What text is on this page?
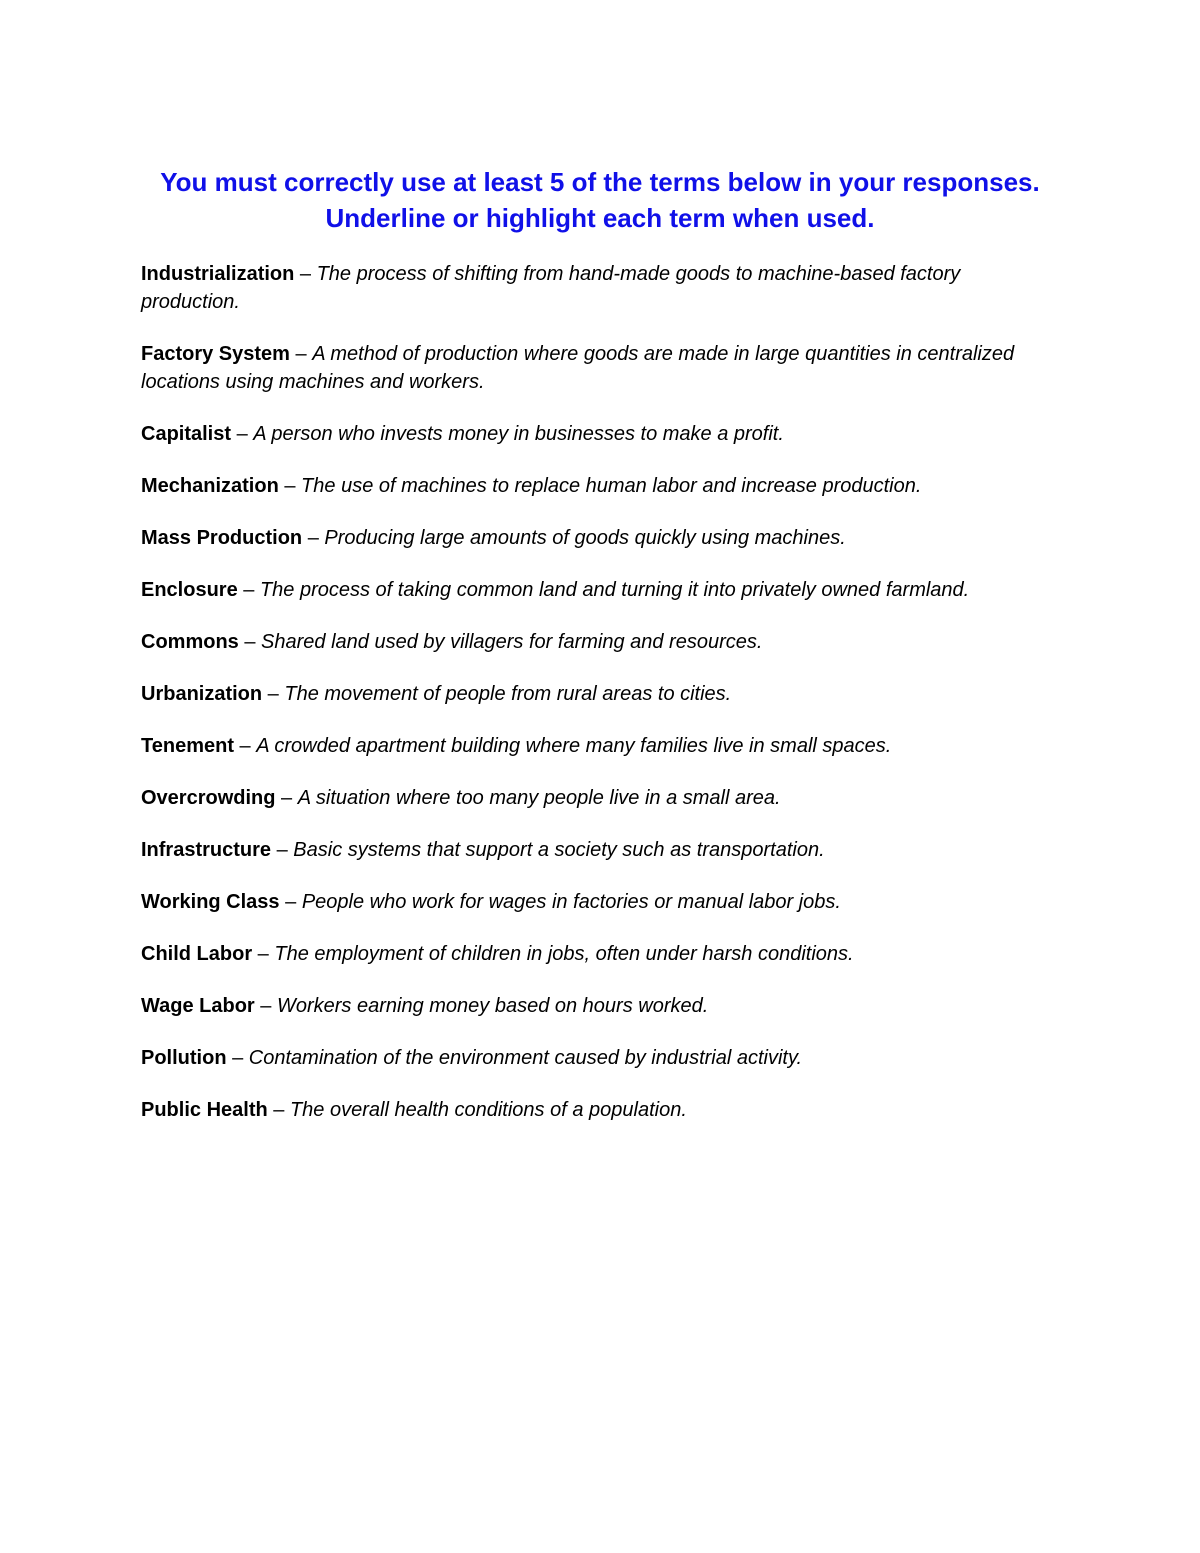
You must correctly use at least 5 of the terms below in your responses. Underline or highlight each term when used.

Industrialization – The process of shifting from hand-made goods to machine-based factory production.
Factory System – A method of production where goods are made in large quantities in centralized locations using machines and workers.
Capitalist – A person who invests money in businesses to make a profit.
Mechanization – The use of machines to replace human labor and increase production.
Mass Production – Producing large amounts of goods quickly using machines.
Enclosure – The process of taking common land and turning it into privately owned farmland.
Commons – Shared land used by villagers for farming and resources.
Urbanization – The movement of people from rural areas to cities.
Tenement – A crowded apartment building where many families live in small spaces.
Overcrowding – A situation where too many people live in a small area.
Infrastructure – Basic systems that support a society such as transportation.
Working Class – People who work for wages in factories or manual labor jobs.
Child Labor – The employment of children in jobs, often under harsh conditions.
Wage Labor – Workers earning money based on hours worked.
Pollution – Contamination of the environment caused by industrial activity.
Public Health – The overall health conditions of a population.
